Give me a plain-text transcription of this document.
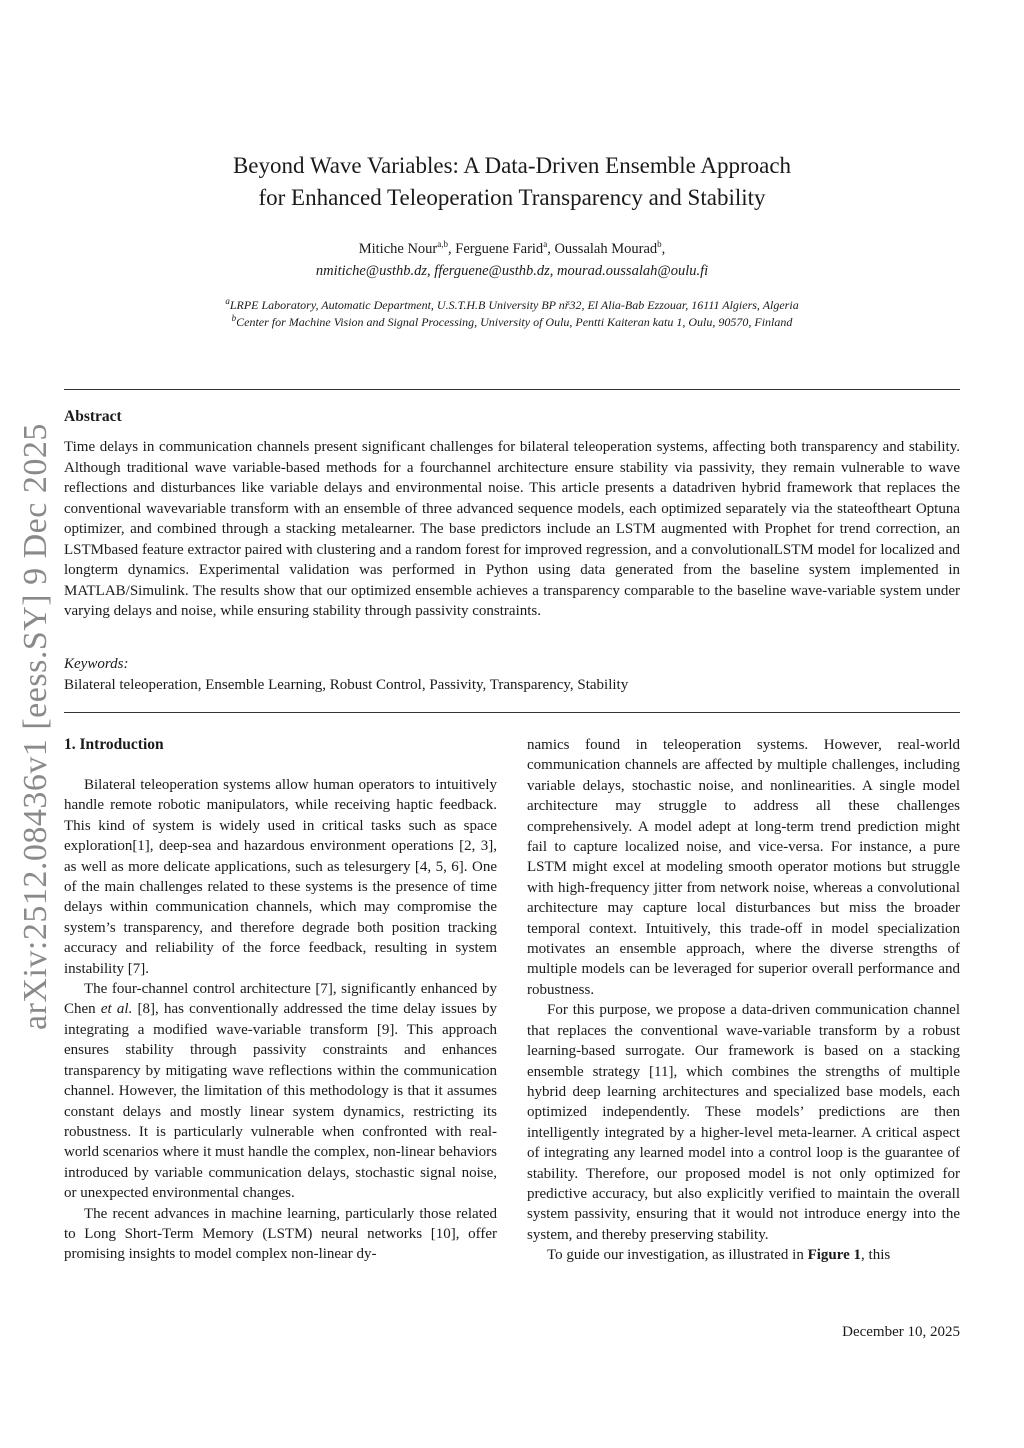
arXiv:2512.08436v1 [eess.SY] 9 Dec 2025
Beyond Wave Variables: A Data-Driven Ensemble Approach
for Enhanced Teleoperation Transparency and Stability
Mitiche Nour$^{a,b}$, Ferguene Farid$^a$, Oussalah Mourad$^b$,
nmitiche@usthb.dz, fferguene@usthb.dz, mourad.oussalah@oulu.fi
$^a$LRPE Laboratory, Automatic Department, U.S.T.H.B University BP nř32, El Alia-Bab Ezzouar, 16111 Algiers, Algeria
$^b$Center for Machine Vision and Signal Processing, University of Oulu, Pentti Kaiteran katu 1, Oulu, 90570, Finland
Abstract
Time delays in communication channels present significant challenges for bilateral teleoperation systems, affecting both transparency and stability. Although traditional wave variable-based methods for a fourchannel architecture ensure stability via passivity, they remain vulnerable to wave reflections and disturbances like variable delays and environmental noise. This article presents a datadriven hybrid framework that replaces the conventional wavevariable transform with an ensemble of three advanced sequence models, each optimized separately via the stateoftheart Optuna optimizer, and combined through a stacking metalearner. The base predictors include an LSTM augmented with Prophet for trend correction, an LSTMbased feature extractor paired with clustering and a random forest for improved regression, and a convolutionalLSTM model for localized and longterm dynamics. Experimental validation was performed in Python using data generated from the baseline system implemented in MATLAB/Simulink. The results show that our optimized ensemble achieves a transparency comparable to the baseline wave-variable system under varying delays and noise, while ensuring stability through passivity constraints.
Keywords:
Bilateral teleoperation, Ensemble Learning, Robust Control, Passivity, Transparency, Stability
1. Introduction

Bilateral teleoperation systems allow human operators to intuitively handle remote robotic manipulators, while receiving haptic feedback. This kind of system is widely used in critical tasks such as space exploration[1], deep-sea and hazardous environment operations [2, 3], as well as more delicate applications, such as telesurgery [4, 5, 6]. One of the main challenges related to these systems is the presence of time delays within communication channels, which may compromise the system’s transparency, and therefore degrade both position tracking accuracy and reliability of the force feedback, resulting in system instability [7].

The four-channel control architecture [7], significantly enhanced by Chen et al. [8], has conventionally addressed the time delay issues by integrating a modified wave-variable transform [9]. This approach ensures stability through passivity constraints and enhances transparency by mitigating wave reflections within the communication channel. However, the limitation of this methodology is that it assumes constant delays and mostly linear system dynamics, restricting its robustness. It is particularly vulnerable when confronted with real-world scenarios where it must handle the complex, non-linear behaviors introduced by variable communication delays, stochastic signal noise, or unexpected environmental changes.

The recent advances in machine learning, particularly those related to Long Short-Term Memory (LSTM) neural networks [10], offer promising insights to model complex non-linear dy-

namics found in teleoperation systems. However, real-world communication channels are affected by multiple challenges, including variable delays, stochastic noise, and nonlinearities. A single model architecture may struggle to address all these challenges comprehensively. A model adept at long-term trend prediction might fail to capture localized noise, and vice-versa. For instance, a pure LSTM might excel at modeling smooth operator motions but struggle with high-frequency jitter from network noise, whereas a convolutional architecture may capture local disturbances but miss the broader temporal context. Intuitively, this trade-off in model specialization motivates an ensemble approach, where the diverse strengths of multiple models can be leveraged for superior overall performance and robustness.

For this purpose, we propose a data-driven communication channel that replaces the conventional wave-variable transform by a robust learning-based surrogate. Our framework is based on a stacking ensemble strategy [11], which combines the strengths of multiple hybrid deep learning architectures and specialized base models, each optimized independently. These models’ predictions are then intelligently integrated by a higher-level meta-learner. A critical aspect of integrating any learned model into a control loop is the guarantee of stability. Therefore, our proposed model is not only optimized for predictive accuracy, but also explicitly verified to maintain the overall system passivity, ensuring that it would not introduce energy into the system, and thereby preserving stability.

To guide our investigation, as illustrated in Figure 1, this

December 10, 2025
